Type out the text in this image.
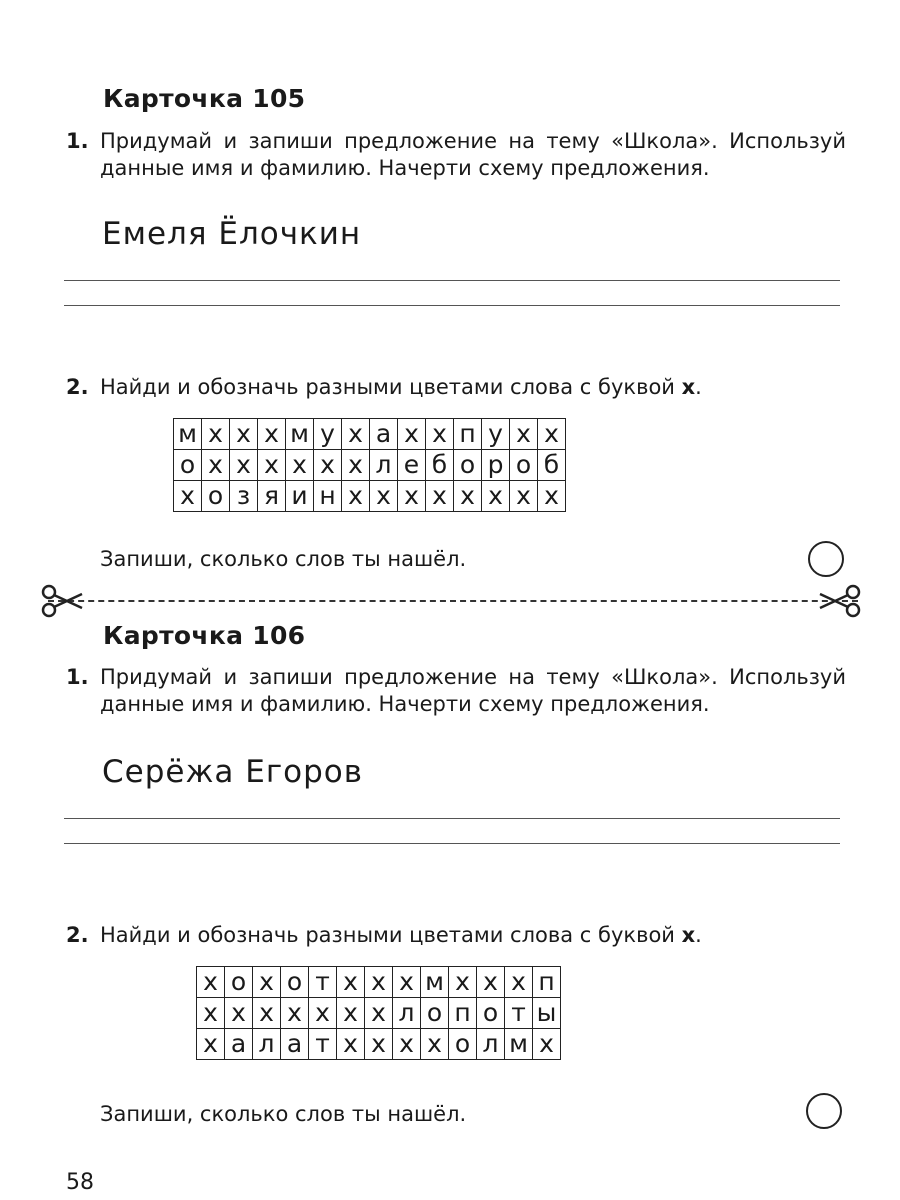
Карточка 105
1. Придумай и запиши предложение на тему «Школа». Используй данные имя и фамилию. Начерти схему предложения.
Емеля Ёлочкин
2. Найди и обозначь разными цветами слова с буквой х.
м	х	х	х	м	у	х	а	х	х	п	у	х	х
о	х	х	х	х	х	х	л	е	б	о	р	о	б
х	о	з	я	и	н	х	х	х	х	х	х	х	х
Запиши, сколько слов ты нашёл.
Карточка 106
1. Придумай и запиши предложение на тему «Школа». Используй данные имя и фамилию. Начерти схему предложения.
Серёжа Егоров
2. Найди и обозначь разными цветами слова с буквой х.
х	о	х	о	т	х	х	х	м	х	х	х	п
х	х	х	х	х	х	х	л	о	п	о	т	ы
х	а	л	а	т	х	х	х	х	о	л	м	х
Запиши, сколько слов ты нашёл.
58
